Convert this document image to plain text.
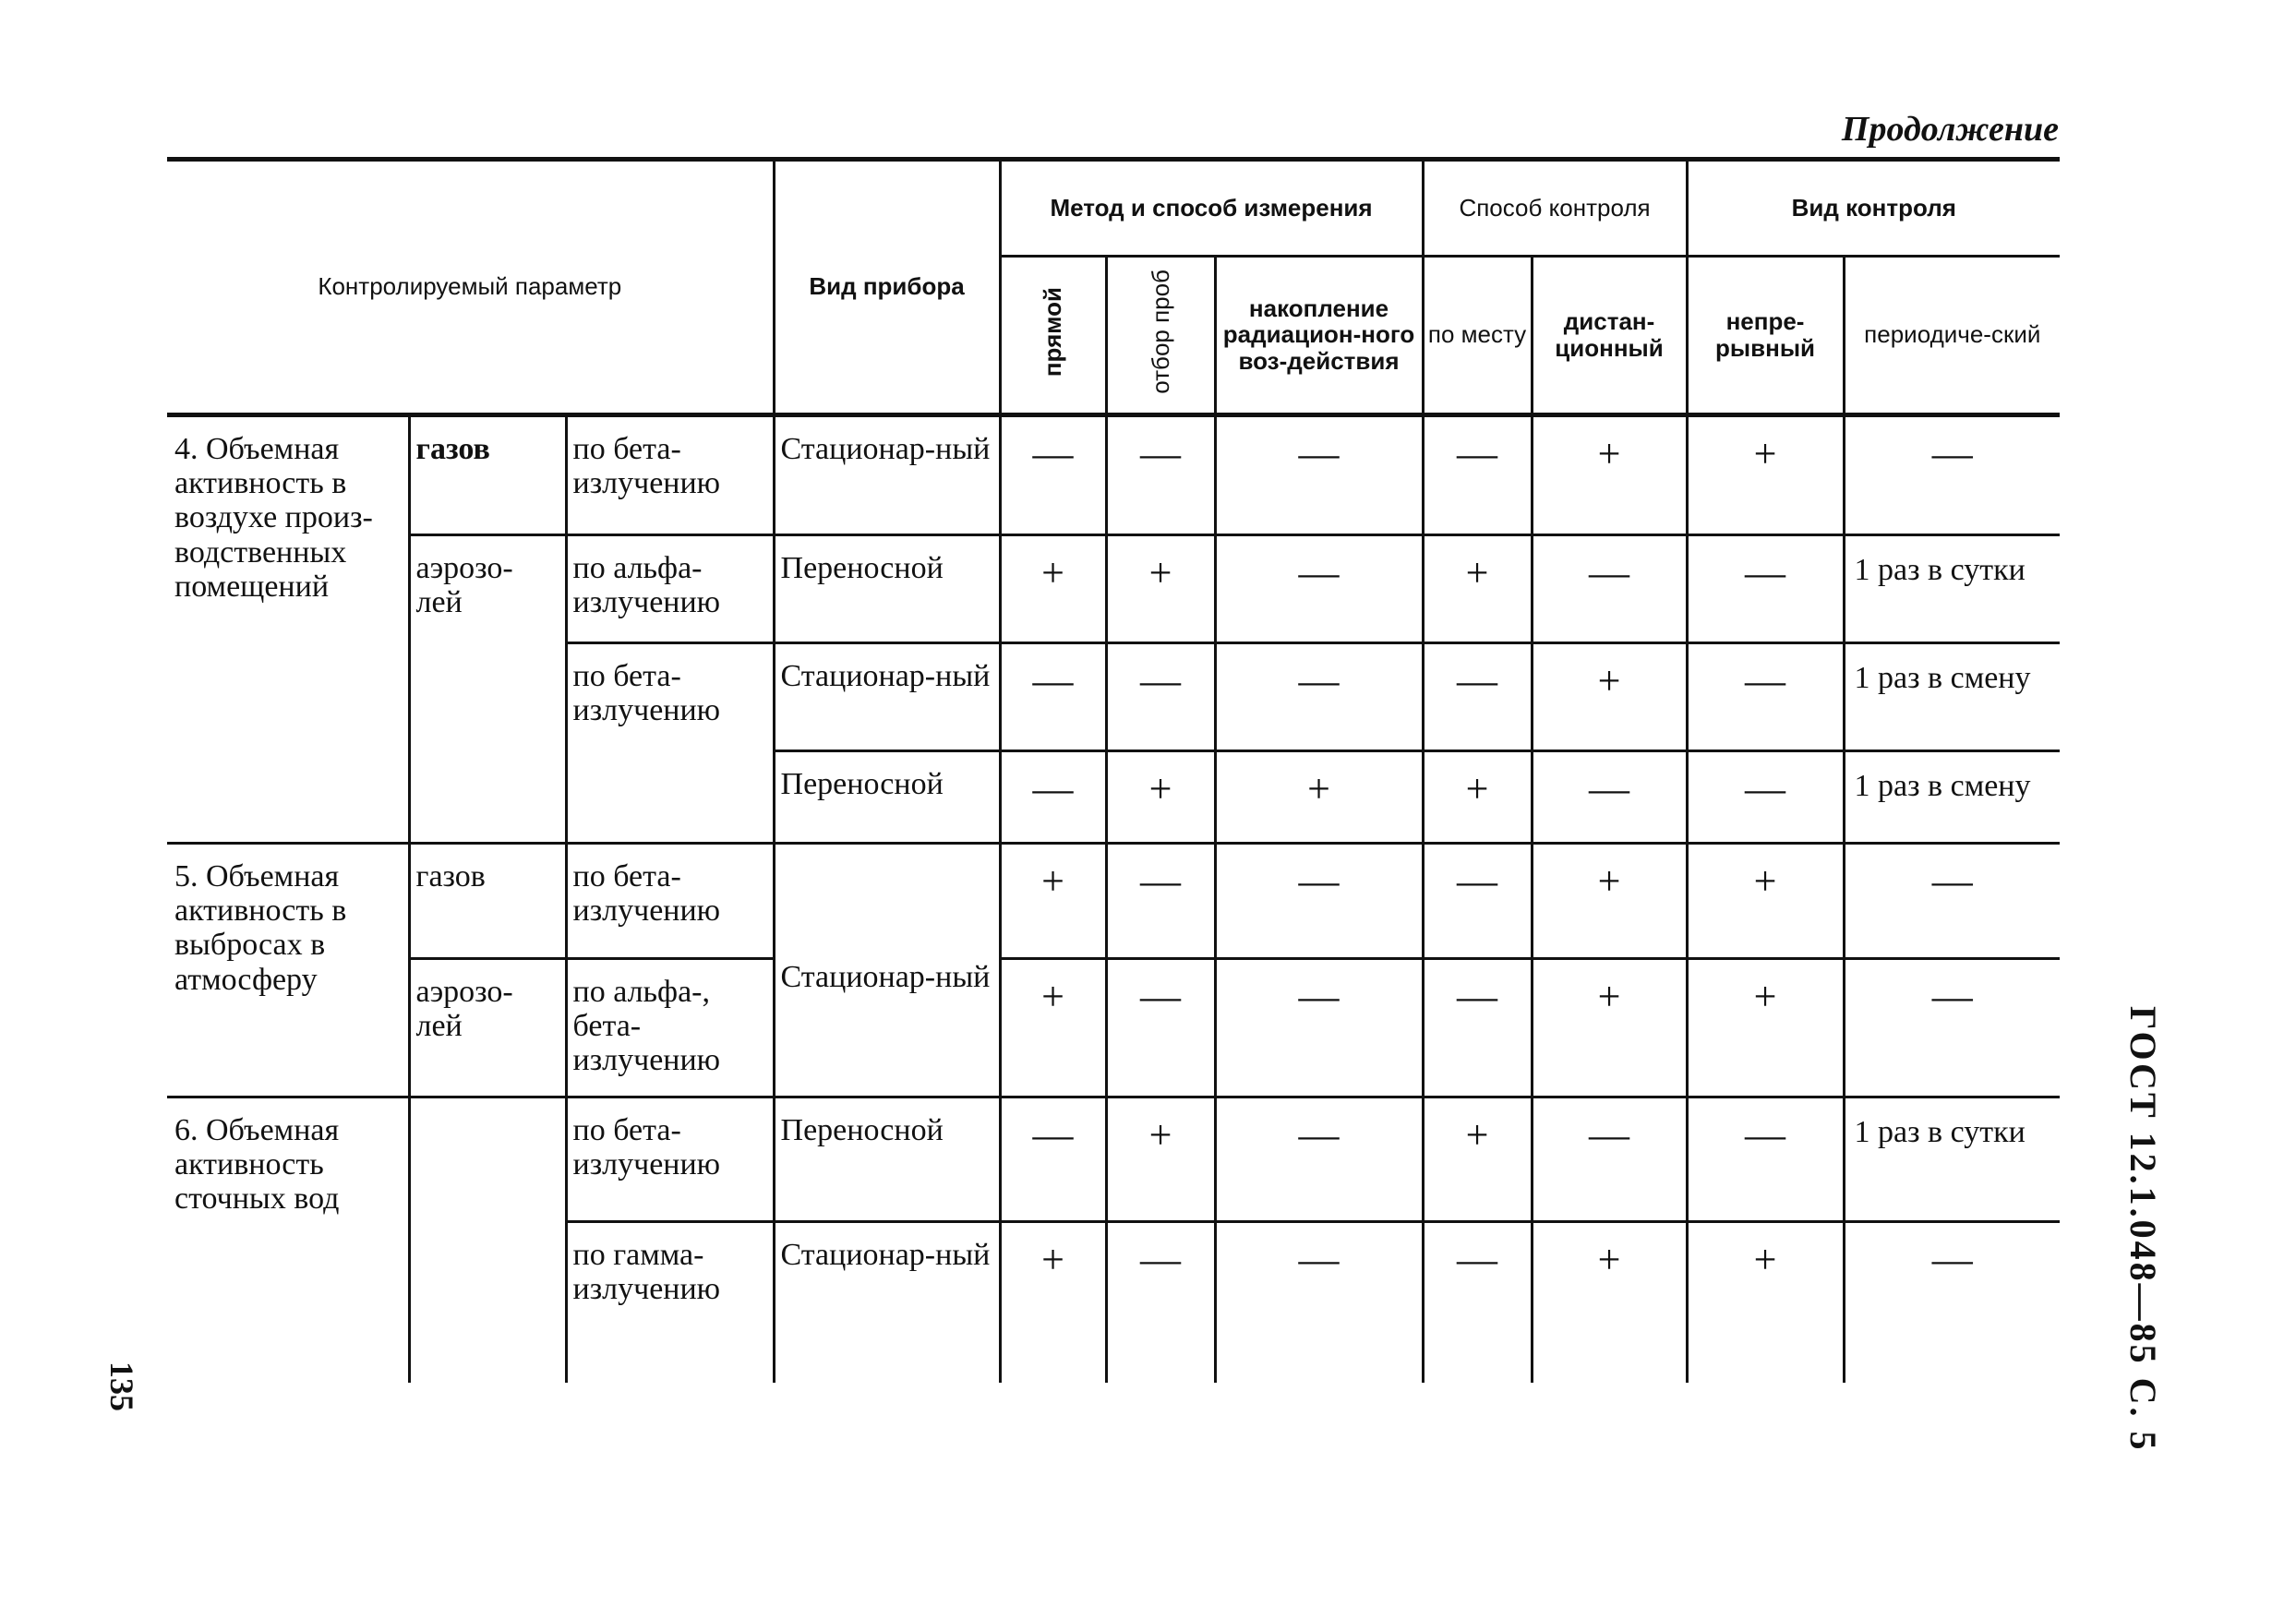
Продолжение
Контролируемый параметр			Вид прибора	Метод и способ измерения			Способ контроля		Вид контроля	
				прямой	отбор проб	накопление радиацион-ного воз-действия	по месту	дистан-ционный	непре-рывный	периодиче-ский
4. Объемная активность в воздухе произ-водственных помещений	газов	по бета-излучению	Стационар-ный	—	—	—	—	+	+	—
	аэрозо-лей	по альфа-излучению	Переносной	+	+	—	+	—	—	1 раз в сутки
		по бета-излучению	Стационар-ный	—	—	—	—	+	—	1 раз в смену
			Переносной	—	+	+	+	—	—	1 раз в смену
5. Объемная активность в выбросах в атмосферу	газов	по бета-излучению	Стационар-ный	+	—	—	—	+	+	—
	аэрозо-лей	по альфа-, бета-излучению		+	—	—	—	+	+	—
6. Объемная активность сточных вод		по бета-излучению	Переносной	—	+	—	+	—	—	1 раз в сутки
		по гамма-излучению	Стационар-ный	+	—	—	—	+	+	—
135	ГОСТ 12.1.048—85 С. 5
